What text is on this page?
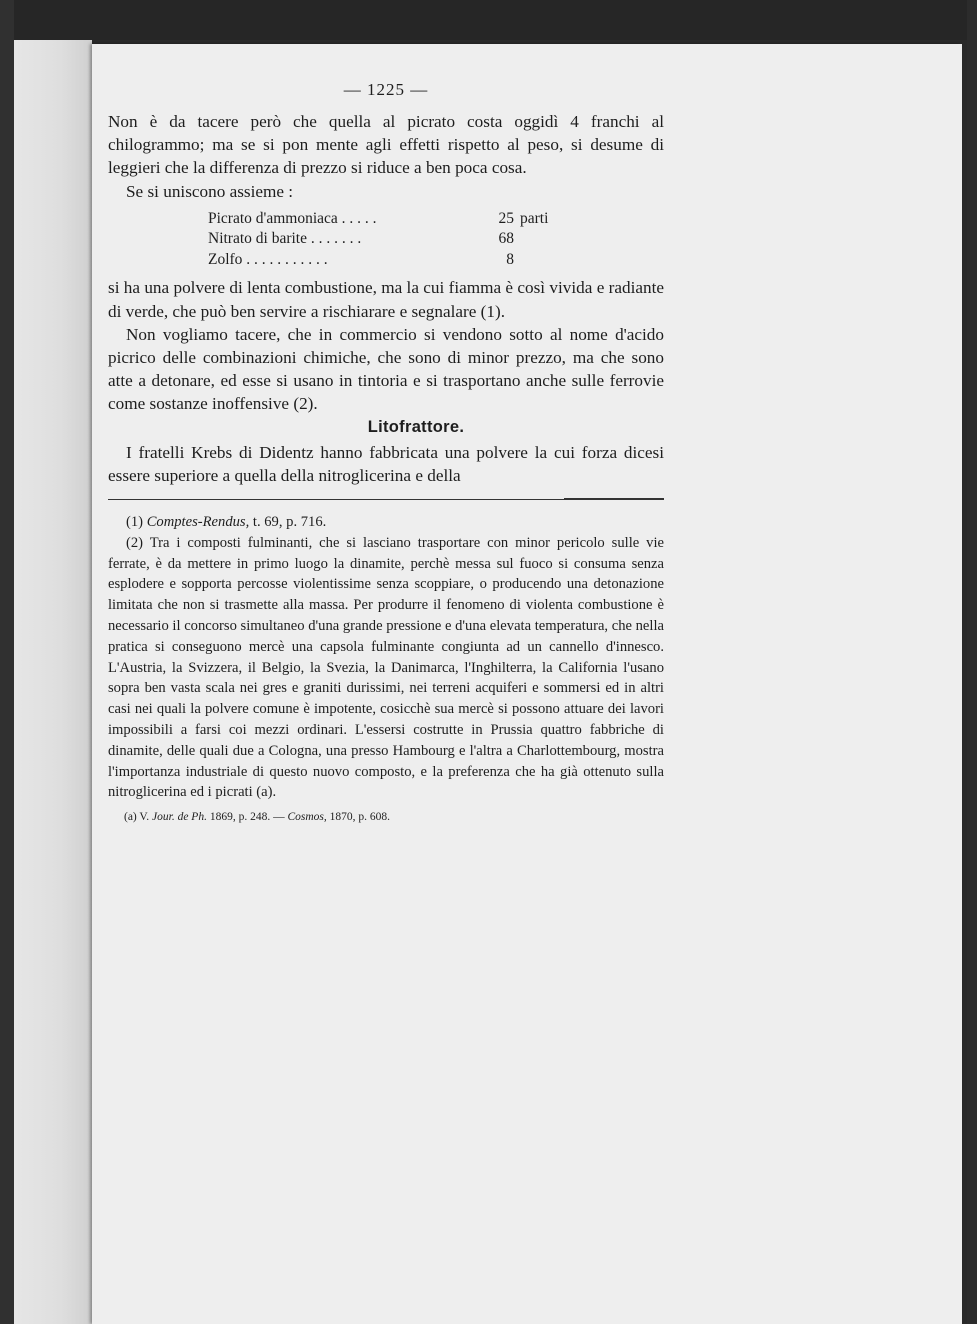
— 1225 —

Non è da tacere però che quella al picrato costa oggidì 4 franchi al chilogrammo; ma se si pon mente agli effetti rispetto al peso, si desume di leggieri che la differenza di prezzo si riduce a ben poca cosa.

Se si uniscono assieme :

Picrato d'ammoniaca . . . . .	25	parti
Nitrato di barite . . . . . . .	68	
Zolfo . . . . . . . . . . .	8	

si ha una polvere di lenta combustione, ma la cui fiamma è così vivida e radiante di verde, che può ben servire a rischiarare e segnalare (1).

Non vogliamo tacere, che in commercio si vendono sotto al nome d'acido picrico delle combinazioni chimiche, che sono di minor prezzo, ma che sono atte a detonare, ed esse si usano in tintoria e si trasportano anche sulle ferrovie come sostanze inoffensive (2).

Litofrattore.

I fratelli Krebs di Didentz hanno fabbricata una polvere la cui forza dicesi essere superiore a quella della nitroglicerina e della

(1) Comptes-Rendus, t. 69, p. 716.

(2) Tra i composti fulminanti, che si lasciano trasportare con minor pericolo sulle vie ferrate, è da mettere in primo luogo la dinamite, perchè messa sul fuoco si consuma senza esplodere e sopporta percosse violentissime senza scoppiare, o producendo una detonazione limitata che non si trasmette alla massa. Per produrre il fenomeno di violenta combustione è necessario il concorso simultaneo d'una grande pressione e d'una elevata temperatura, che nella pratica si conseguono mercè una capsola fulminante congiunta ad un cannello d'innesco. L'Austria, la Svizzera, il Belgio, la Svezia, la Danimarca, l'Inghilterra, la California l'usano sopra ben vasta scala nei gres e graniti durissimi, nei terreni acquiferi e sommersi ed in altri casi nei quali la polvere comune è impotente, cosicchè sua mercè si possono attuare dei lavori impossibili a farsi coi mezzi ordinari. L'essersi costrutte in Prussia quattro fabbriche di dinamite, delle quali due a Cologna, una presso Hambourg e l'altra a Charlottembourg, mostra l'importanza industriale di questo nuovo composto, e la preferenza che ha già ottenuto sulla nitroglicerina ed i picrati (a).

(a) V. Jour. de Ph. 1869, p. 248. — Cosmos, 1870, p. 608.
